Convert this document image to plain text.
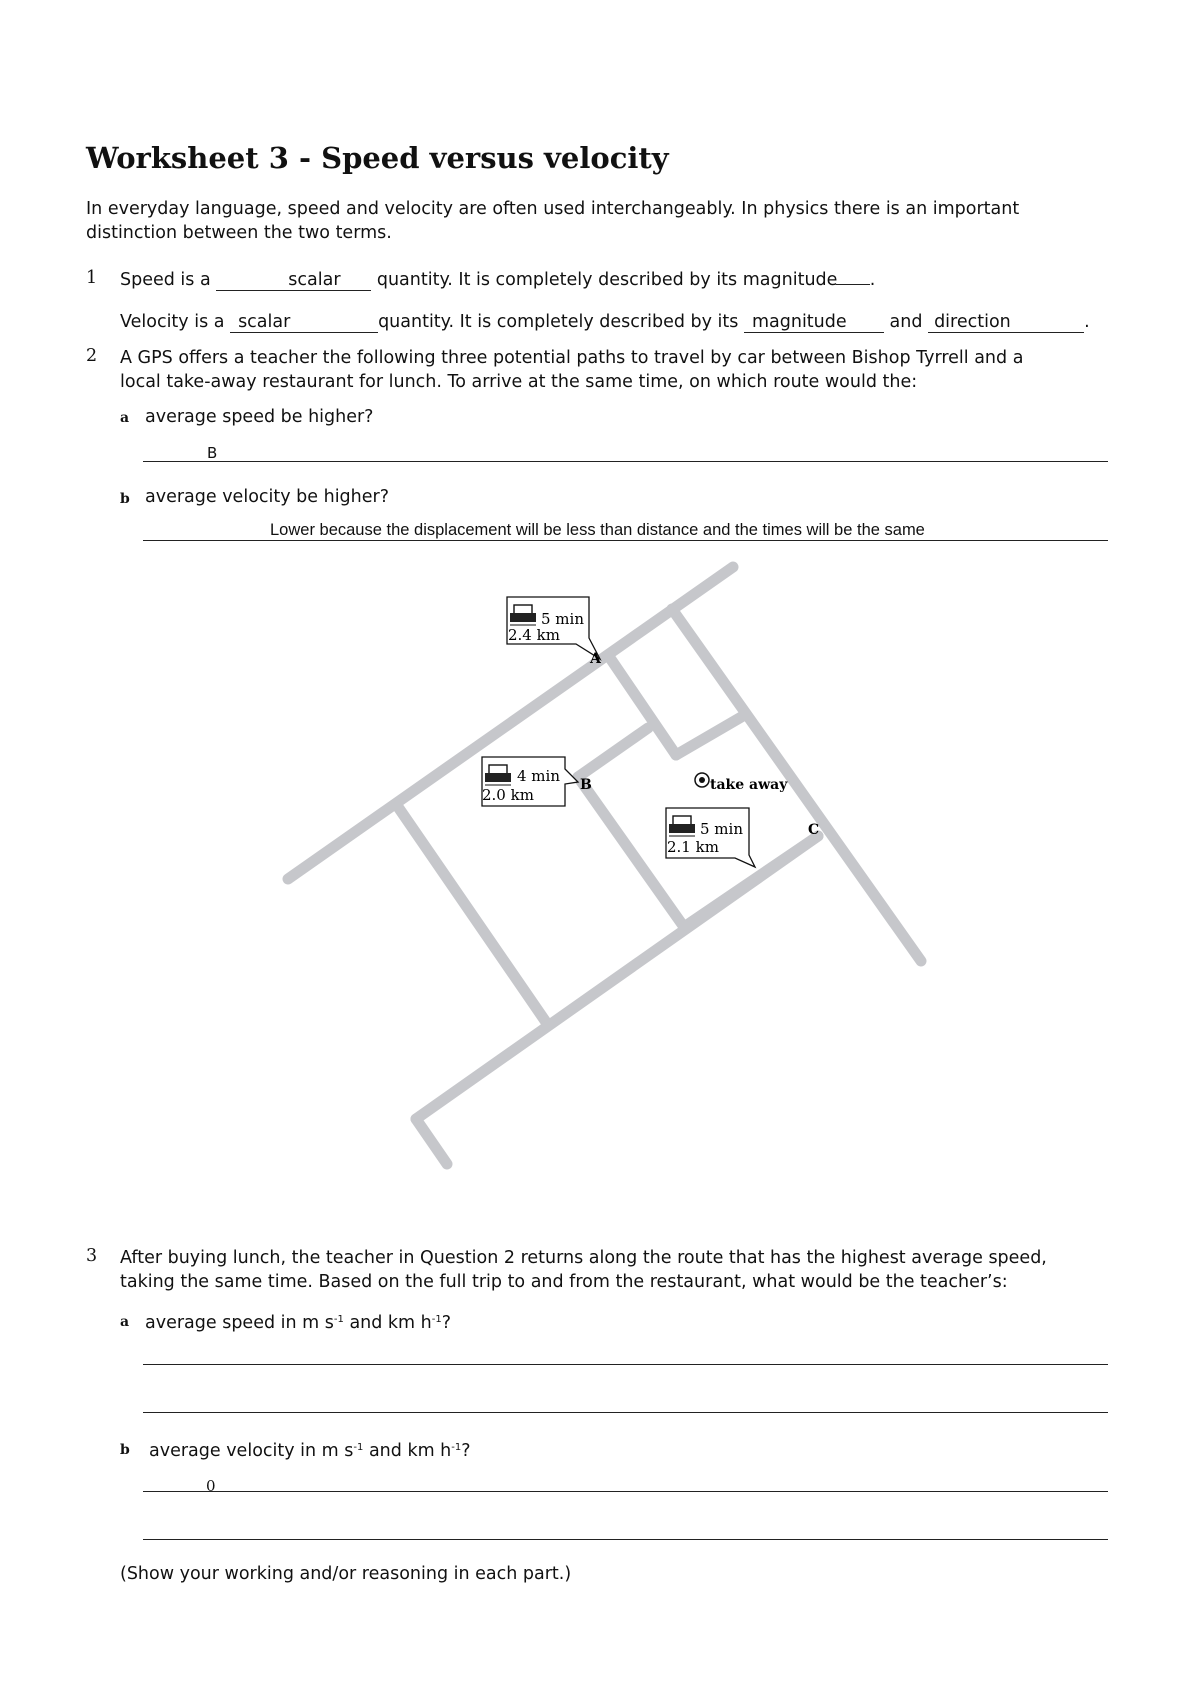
Worksheet 3 - Speed versus velocity
In everyday language, speed and velocity are often used interchangeably. In physics there is an important
distinction between the two terms.
1 Speed is a	scalar quantity. It is completely described by its magnitude .
Velocity is a scalar	quantity. It is completely described by its magnitude and direction	.
2 A GPS offers a teacher the following three potential paths to travel by car between Bishop Tyrrell and a
local take-away restaurant for lunch. To arrive at the same time, on which route would the:
a average speed be higher?
B
b average velocity be higher?
Lower because the displacement will be less than distance and the times will be the same
5 min
2.4 km
A
4 min
2.0 km
B
5 min
2.1 km
C
take away
3 After buying lunch, the teacher in Question 2 returns along the route that has the highest average speed,
taking the same time. Based on the full trip to and from the restaurant, what would be the teacher’s:
a average speed in m $s^{-1}$ and km $h^{-1}$?
b average velocity in m $s^{-1}$ and km $h^{-1}$?
0
(Show your working and/or reasoning in each part.)
